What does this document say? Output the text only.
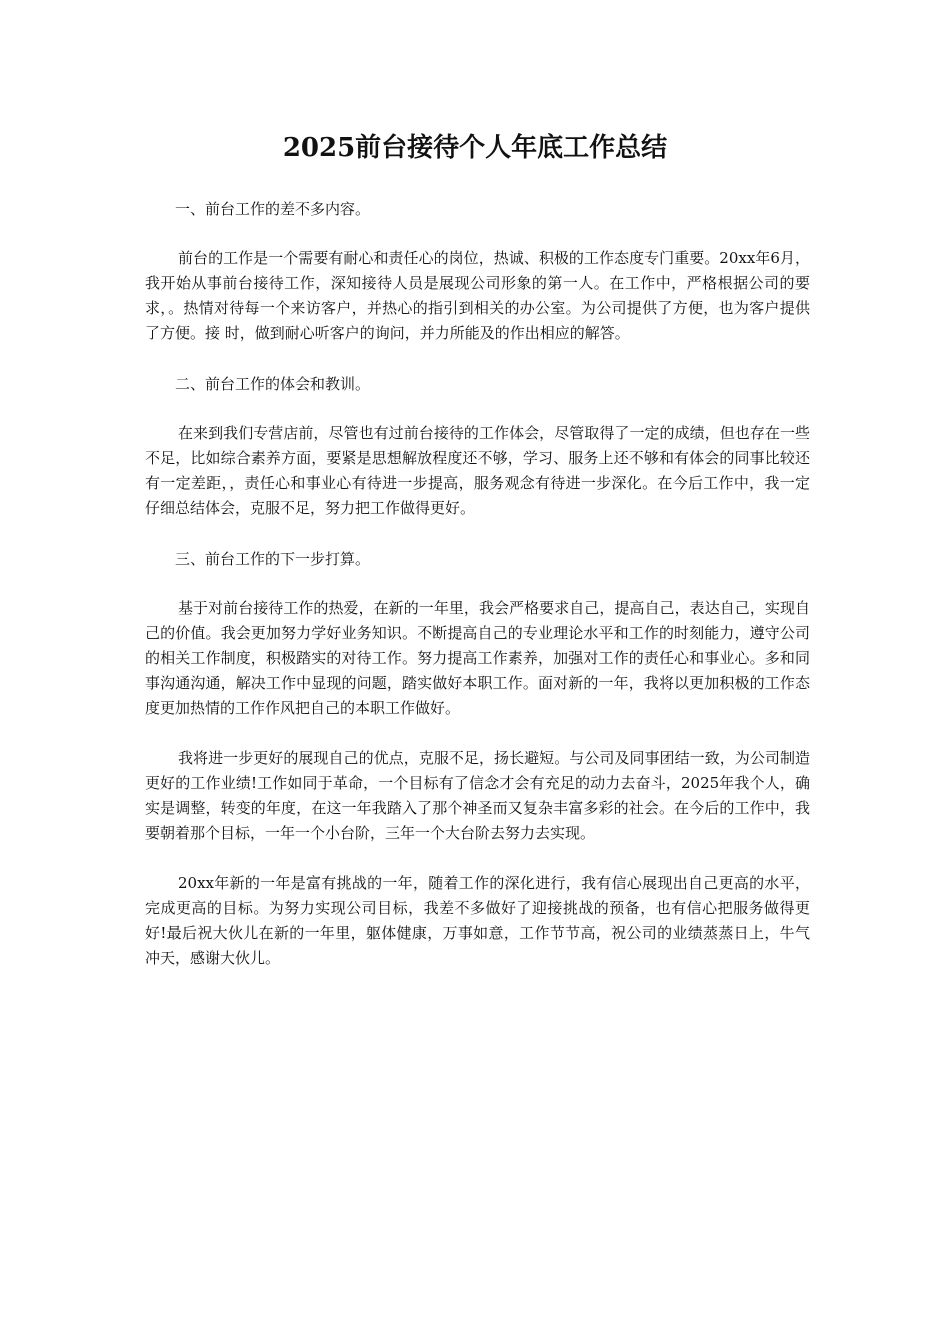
2025前台接待个人年底工作总结

一、前台工作的差不多内容。

前台的工作是一个需要有耐心和责任心的岗位，热诚、积极的工作态度专门重要。20xx年6月，我开始从事前台接待工作，深知接待人员是展现公司形象的第一人。在工作中，严格根据公司的要求，。热情对待每一个来访客户，并热心的指引到相关的办公室。为公司提供了方便，也为客户提供了方便。接 时，做到耐心听客户的询问，并力所能及的作出相应的解答。

二、前台工作的体会和教训。

在来到我们专营店前，尽管也有过前台接待的工作体会，尽管取得了一定的成绩，但也存在一些不足，比如综合素养方面，要紧是思想解放程度还不够，学习、服务上还不够和有体会的同事比较还有一定差距，，责任心和事业心有待进一步提高，服务观念有待进一步深化。在今后工作中，我一定仔细总结体会，克服不足，努力把工作做得更好。

三、前台工作的下一步打算。

基于对前台接待工作的热爱，在新的一年里，我会严格要求自己，提高自己，表达自己，实现自己的价值。我会更加努力学好业务知识。不断提高自己的专业理论水平和工作的时刻能力，遵守公司的相关工作制度，积极踏实的对待工作。努力提高工作素养，加强对工作的责任心和事业心。多和同事沟通沟通，解决工作中显现的问题，踏实做好本职工作。面对新的一年，我将以更加积极的工作态度更加热情的工作作风把自己的本职工作做好。

我将进一步更好的展现自己的优点，克服不足，扬长避短。与公司及同事团结一致，为公司制造更好的工作业绩!工作如同于革命，一个目标有了信念才会有充足的动力去奋斗，2025年我个人，确实是调整，转变的年度，在这一年我踏入了那个神圣而又复杂丰富多彩的社会。在今后的工作中，我要朝着那个目标，一年一个小台阶，三年一个大台阶去努力去实现。

20xx年新的一年是富有挑战的一年，随着工作的深化进行，我有信心展现出自己更高的水平，完成更高的目标。为努力实现公司目标，我差不多做好了迎接挑战的预备，也有信心把服务做得更好!最后祝大伙儿在新的一年里，躯体健康，万事如意，工作节节高，祝公司的业绩蒸蒸日上，牛气冲天，感谢大伙儿。
